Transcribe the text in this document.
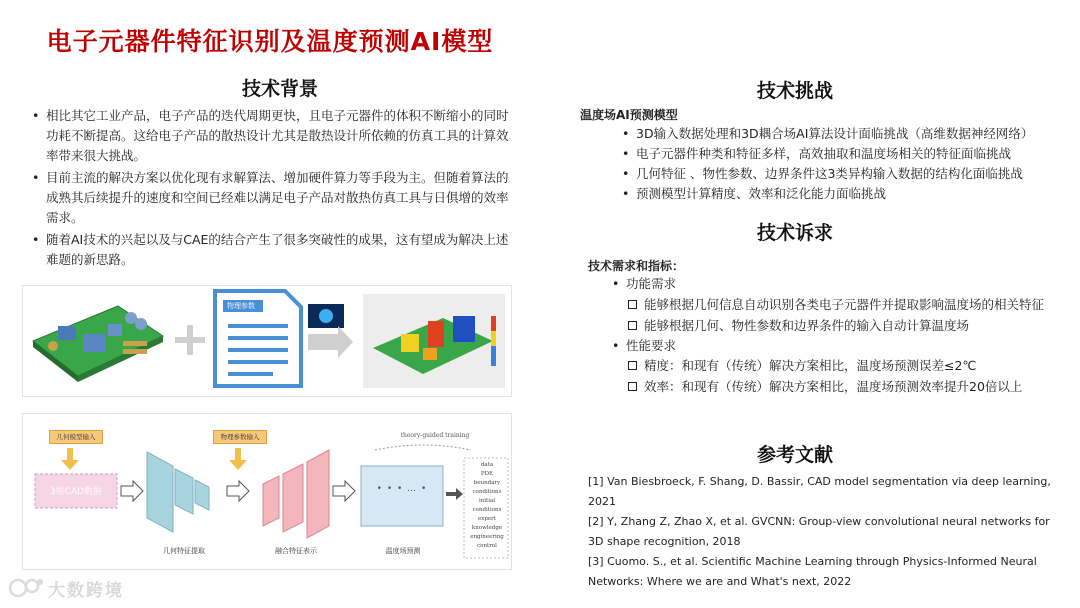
电子元器件特征识别及温度预测AI模型
技术背景
• 相比其它工业产品，电子产品的迭代周期更快，且电子元器件的体积不断缩小的同时功耗不断提高。这给电子产品的散热设计尤其是散热设计所依赖的仿真工具的计算效率带来很大挑战。
• 目前主流的解决方案以优化现有求解算法、增加硬件算力等手段为主。但随着算法的成熟其后续提升的速度和空间已经难以满足电子产品对散热仿真工具与日俱增的效率需求。
• 随着AI技术的兴起以及与CAE的结合产生了很多突破性的成果，这有望成为解决上述难题的新思路。
物理参数
几何模型输入	物理参数输入
3维CAD数据
几何特征提取	融合特征表示	温度场预测
theory-guided training
• • • … •
data
PDE
boundary conditions
initial conditions
expert knowledge
engineering control
技术挑战
温度场AI预测模型
• 3D输入数据处理和3D耦合场AI算法设计面临挑战（高维数据神经网络）
• 电子元器件种类和特征多样，高效抽取和温度场相关的特征面临挑战
• 几何特征 、物性参数、边界条件这3类异构输入数据的结构化面临挑战
• 预测模型计算精度、效率和泛化能力面临挑战
技术诉求
技术需求和指标：
• 功能需求
能够根据几何信息自动识别各类电子元器件并提取影响温度场的相关特征
能够根据几何、物性参数和边界条件的输入自动计算温度场
• 性能要求
精度：和现有（传统）解决方案相比，温度场预测误差≤2℃
效率：和现有（传统）解决方案相比，温度场预测效率提升20倍以上
参考文献
[1] Van Biesbroeck, F. Shang, D. Bassir, CAD model segmentation via deep learning, 2021
[2] Y, Zhang Z, Zhao X, et al. GVCNN: Group-view convolutional neural networks for 3D shape recognition, 2018
[3] Cuomo. S., et al. Scientific Machine Learning through Physics-Informed Neural Networks: Where we are and What's next, 2022
大数跨境
